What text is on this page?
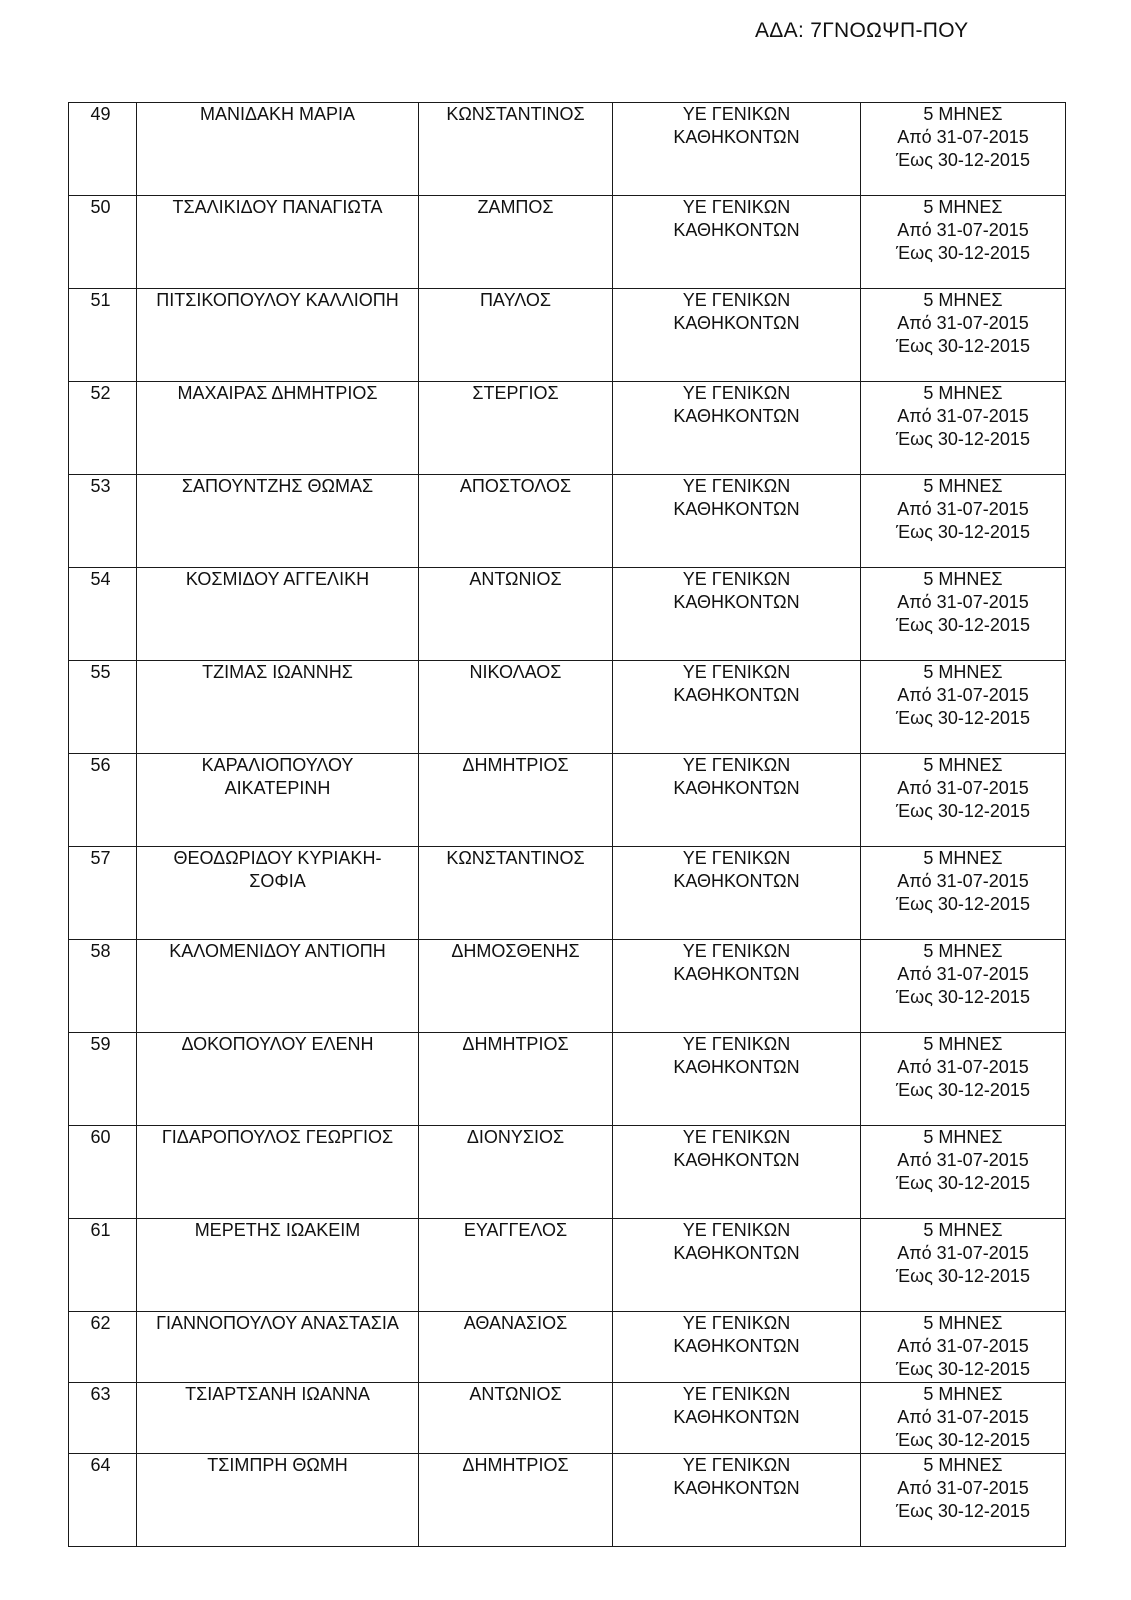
ΑΔΑ: 7ΓΝΟΩΨΠ-ΠΟΥ
49	ΜΑΝΙΔΑΚΗ ΜΑΡΙΑ	ΚΩΝΣΤΑΝΤΙΝΟΣ	ΥΕ ΓΕΝΙΚΩΝ
ΚΑΘΗΚΟΝΤΩΝ	5 ΜΗΝΕΣ
Από 31-07-2015
Έως 30-12-2015

50	ΤΣΑΛΙΚΙΔΟΥ ΠΑΝΑΓΙΩΤΑ	ΖΑΜΠΟΣ	ΥΕ ΓΕΝΙΚΩΝ
ΚΑΘΗΚΟΝΤΩΝ	5 ΜΗΝΕΣ
Από 31-07-2015
Έως 30-12-2015

51	ΠΙΤΣΙΚΟΠΟΥΛΟΥ ΚΑΛΛΙΟΠΗ	ΠΑΥΛΟΣ	ΥΕ ΓΕΝΙΚΩΝ
ΚΑΘΗΚΟΝΤΩΝ	5 ΜΗΝΕΣ
Από 31-07-2015
Έως 30-12-2015

52	ΜΑΧΑΙΡΑΣ ΔΗΜΗΤΡΙΟΣ	ΣΤΕΡΓΙΟΣ	ΥΕ ΓΕΝΙΚΩΝ
ΚΑΘΗΚΟΝΤΩΝ	5 ΜΗΝΕΣ
Από 31-07-2015
Έως 30-12-2015

53	ΣΑΠΟΥΝΤΖΗΣ ΘΩΜΑΣ	ΑΠΟΣΤΟΛΟΣ	ΥΕ ΓΕΝΙΚΩΝ
ΚΑΘΗΚΟΝΤΩΝ	5 ΜΗΝΕΣ
Από 31-07-2015
Έως 30-12-2015

54	ΚΟΣΜΙΔΟΥ ΑΓΓΕΛΙΚΗ	ΑΝΤΩΝΙΟΣ	ΥΕ ΓΕΝΙΚΩΝ
ΚΑΘΗΚΟΝΤΩΝ	5 ΜΗΝΕΣ
Από 31-07-2015
Έως 30-12-2015

55	ΤΖΙΜΑΣ ΙΩΑΝΝΗΣ	ΝΙΚΟΛΑΟΣ	ΥΕ ΓΕΝΙΚΩΝ
ΚΑΘΗΚΟΝΤΩΝ	5 ΜΗΝΕΣ
Από 31-07-2015
Έως 30-12-2015

56	ΚΑΡΑΛΙΟΠΟΥΛΟΥ ΑΙΚΑΤΕΡΙΝΗ	ΔΗΜΗΤΡΙΟΣ	ΥΕ ΓΕΝΙΚΩΝ
ΚΑΘΗΚΟΝΤΩΝ	5 ΜΗΝΕΣ
Από 31-07-2015
Έως 30-12-2015

57	ΘΕΟΔΩΡΙΔΟΥ ΚΥΡΙΑΚΗ-ΣΟΦΙΑ	ΚΩΝΣΤΑΝΤΙΝΟΣ	ΥΕ ΓΕΝΙΚΩΝ
ΚΑΘΗΚΟΝΤΩΝ	5 ΜΗΝΕΣ
Από 31-07-2015
Έως 30-12-2015

58	ΚΑΛΟΜΕΝΙΔΟΥ ΑΝΤΙΟΠΗ	ΔΗΜΟΣΘΕΝΗΣ	ΥΕ ΓΕΝΙΚΩΝ
ΚΑΘΗΚΟΝΤΩΝ	5 ΜΗΝΕΣ
Από 31-07-2015
Έως 30-12-2015

59	ΔΟΚΟΠΟΥΛΟΥ ΕΛΕΝΗ	ΔΗΜΗΤΡΙΟΣ	ΥΕ ΓΕΝΙΚΩΝ
ΚΑΘΗΚΟΝΤΩΝ	5 ΜΗΝΕΣ
Από 31-07-2015
Έως 30-12-2015

60	ΓΙΔΑΡΟΠΟΥΛΟΣ ΓΕΩΡΓΙΟΣ	ΔΙΟΝΥΣΙΟΣ	ΥΕ ΓΕΝΙΚΩΝ
ΚΑΘΗΚΟΝΤΩΝ	5 ΜΗΝΕΣ
Από 31-07-2015
Έως 30-12-2015

61	ΜΕΡΕΤΗΣ ΙΩΑΚΕΙΜ	ΕΥΑΓΓΕΛΟΣ	ΥΕ ΓΕΝΙΚΩΝ
ΚΑΘΗΚΟΝΤΩΝ	5 ΜΗΝΕΣ
Από 31-07-2015
Έως 30-12-2015

62	ΓΙΑΝΝΟΠΟΥΛΟΥ ΑΝΑΣΤΑΣΙΑ	ΑΘΑΝΑΣΙΟΣ	ΥΕ ΓΕΝΙΚΩΝ
ΚΑΘΗΚΟΝΤΩΝ	5 ΜΗΝΕΣ
Από 31-07-2015
Έως 30-12-2015

63	ΤΣΙΑΡΤΣΑΝΗ ΙΩΑΝΝΑ	ΑΝΤΩΝΙΟΣ	ΥΕ ΓΕΝΙΚΩΝ
ΚΑΘΗΚΟΝΤΩΝ	5 ΜΗΝΕΣ
Από 31-07-2015
Έως 30-12-2015

64	ΤΣΙΜΠΡΗ ΘΩΜΗ	ΔΗΜΗΤΡΙΟΣ	ΥΕ ΓΕΝΙΚΩΝ
ΚΑΘΗΚΟΝΤΩΝ	5 ΜΗΝΕΣ
Από 31-07-2015
Έως 30-12-2015
